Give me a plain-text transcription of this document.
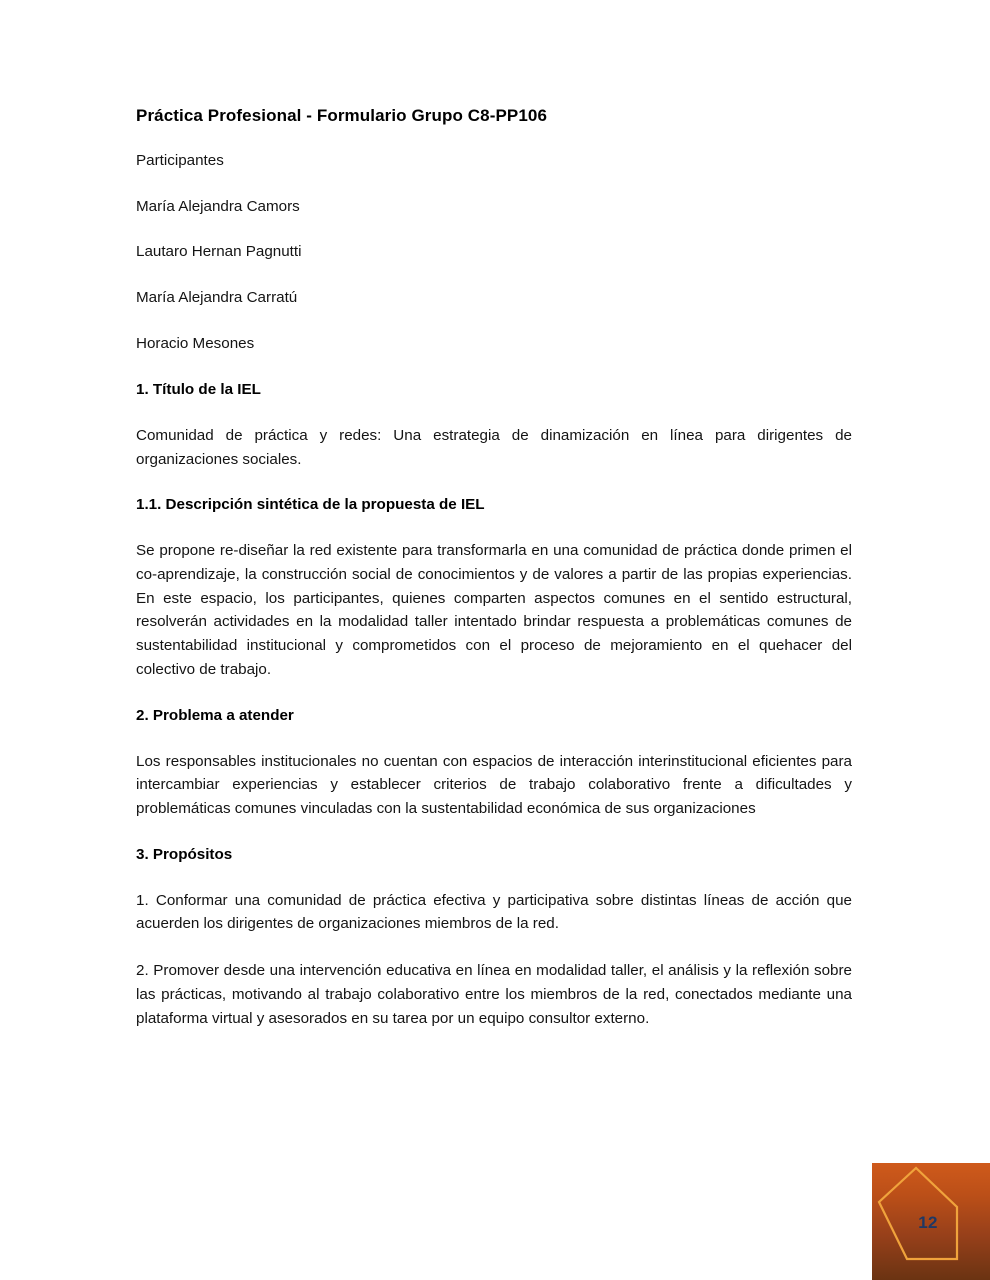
Práctica Profesional - Formulario Grupo C8-PP106

Participantes

María Alejandra Camors

Lautaro Hernan Pagnutti

María Alejandra Carratú

Horacio Mesones

1. Título de la IEL

Comunidad de práctica y redes: Una estrategia de dinamización en línea para dirigentes de organizaciones sociales.

1.1. Descripción sintética de la propuesta de IEL

Se propone re-diseñar la red existente para transformarla en una comunidad de práctica donde primen el co-aprendizaje, la construcción social de conocimientos y de valores a partir de las propias experiencias. En este espacio, los participantes, quienes comparten aspectos comunes en el sentido estructural, resolverán actividades en la modalidad taller intentado brindar respuesta a problemáticas comunes de sustentabilidad institucional y comprometidos con el proceso de mejoramiento en el quehacer del colectivo de trabajo.

2. Problema a atender

Los responsables institucionales no cuentan con espacios de interacción interinstitucional eficientes para intercambiar experiencias y establecer criterios de trabajo colaborativo frente a dificultades y problemáticas comunes vinculadas con la sustentabilidad económica de sus organizaciones

3. Propósitos

1. Conformar una comunidad de práctica efectiva y participativa sobre distintas líneas de acción que acuerden los dirigentes de organizaciones miembros de la red.

2. Promover desde una intervención educativa en línea en modalidad taller, el análisis y la reflexión sobre las prácticas, motivando al trabajo colaborativo entre los miembros de la red, conectados mediante una plataforma virtual y asesorados en su tarea por un equipo consultor externo.

12
